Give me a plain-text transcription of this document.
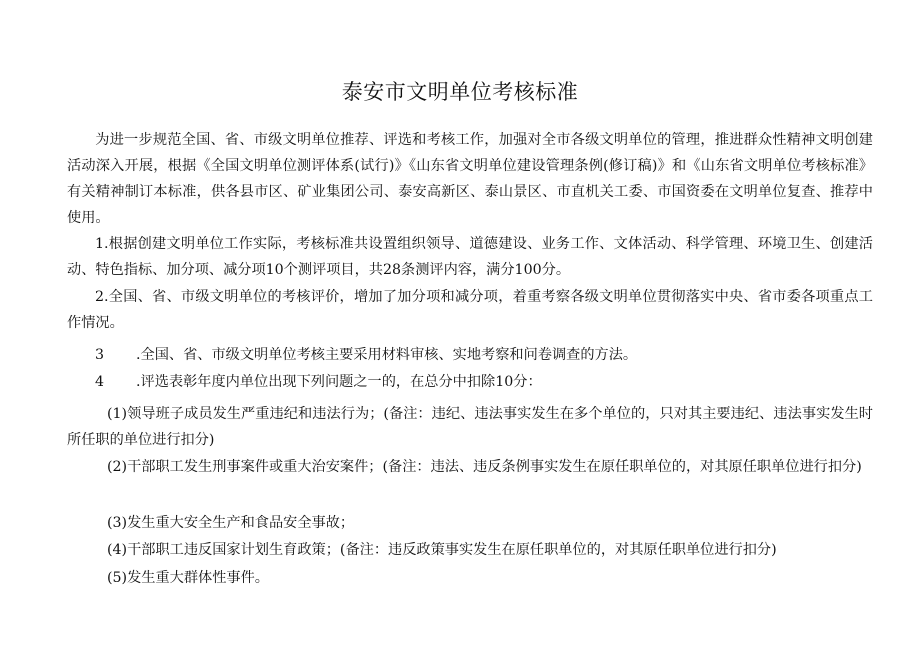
泰安市文明单位考核标准

为进一步规范全国、省、市级文明单位推荐、评选和考核工作，加强对全市各级文明单位的管理，推进群众性精神文明创建活动深入开展，根据《全国文明单位测评体系(试行)》《山东省文明单位建设管理条例(修订稿)》和《山东省文明单位考核标准》有关精神制订本标准，供各县市区、矿业集团公司、泰安高新区、泰山景区、市直机关工委、市国资委在文明单位复查、推荐中使用。

1.根据创建文明单位工作实际，考核标准共设置组织领导、道德建设、业务工作、文体活动、科学管理、环境卫生、创建活动、特色指标、加分项、减分项10个测评项目，共28条测评内容，满分100分。

2.全国、省、市级文明单位的考核评价，增加了加分项和减分项，着重考察各级文明单位贯彻落实中央、省市委各项重点工作情况。

3 .全国、省、市级文明单位考核主要采用材料审核、实地考察和问卷调查的方法。

4 .评选表彰年度内单位出现下列问题之一的，在总分中扣除10分：

(1)领导班子成员发生严重违纪和违法行为；(备注：违纪、违法事实发生在多个单位的，只对其主要违纪、违法事实发生时所任职的单位进行扣分)

(2)干部职工发生刑事案件或重大治安案件；(备注：违法、违反条例事实发生在原任职单位的，对其原任职单位进行扣分)

(3)发生重大安全生产和食品安全事故；

(4)干部职工违反国家计划生育政策；(备注：违反政策事实发生在原任职单位的，对其原任职单位进行扣分)

(5)发生重大群体性事件。
